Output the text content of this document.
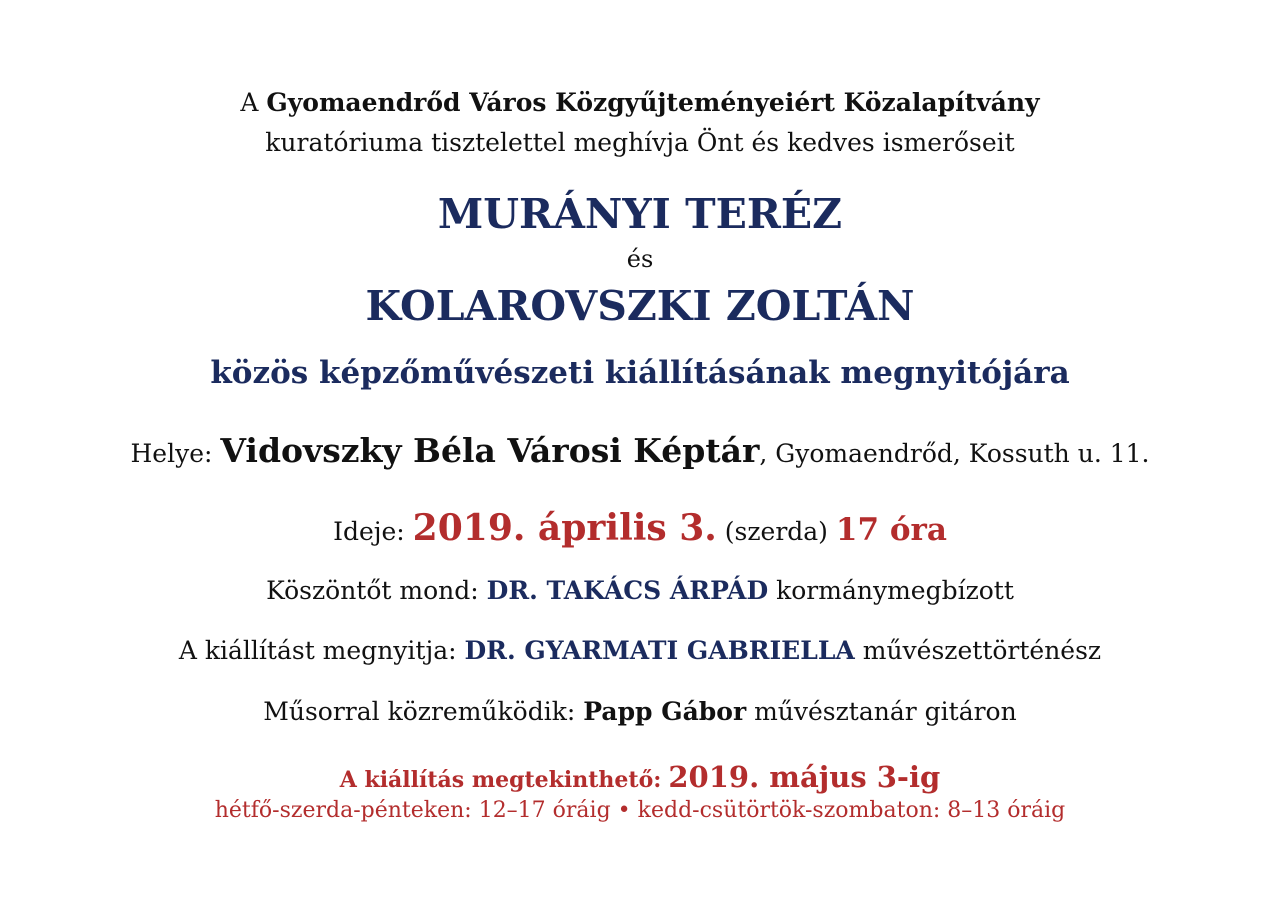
A Gyomaendrőd Város Közgyűjteményeiért Közalapítvány
kuratóriuma tisztelettel meghívja Önt és kedves ismerőseit
MURÁNYI TERÉZ
és
KOLAROVSZKI ZOLTÁN
közös képzőművészeti kiállításának megnyitójára
Helye: Vidovszky Béla Városi Képtár, Gyomaendrőd, Kossuth u. 11.
Ideje: 2019. április 3. (szerda) 17 óra
Köszöntőt mond: DR. TAKÁCS ÁRPÁD kormánymegbízott
A kiállítást megnyitja: DR. GYARMATI GABRIELLA művészettörténész
Műsorral közreműködik: Papp Gábor művésztanár gitáron
A kiállítás megtekinthető: 2019. május 3-ig
hétfő-szerda-pénteken: 12–17 óráig • kedd-csütörtök-szombaton: 8–13 óráig
